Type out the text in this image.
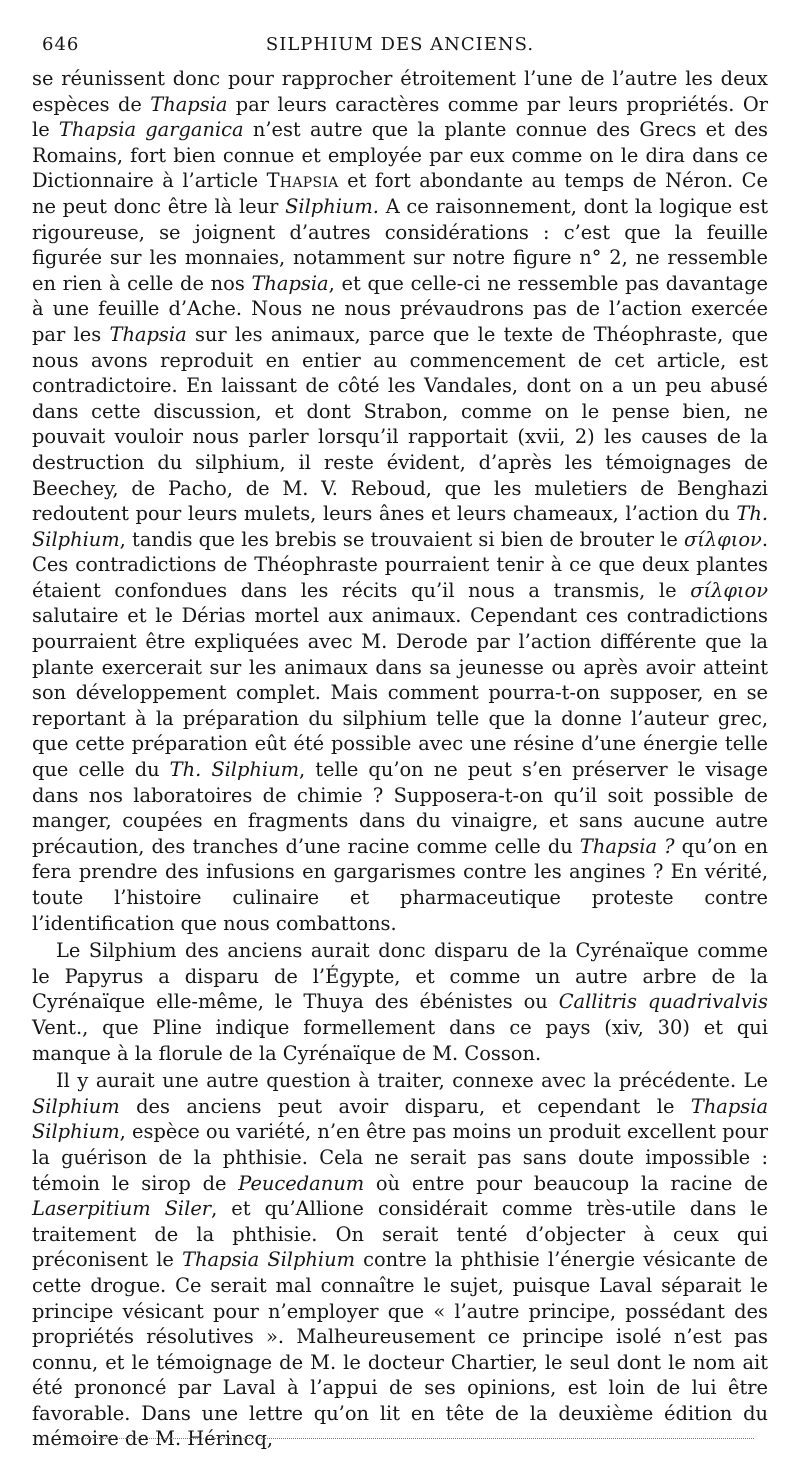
646	SILPHIUM DES ANCIENS.

se réunissent donc pour rapprocher étroitement l’une de l’autre les deux espèces de Thapsia par leurs caractères comme par leurs propriétés. Or le Thapsia garganica n’est autre que la plante connue des Grecs et des Romains, fort bien connue et employée par eux comme on le dira dans ce Dictionnaire à l’article Thapsia et fort abondante au temps de Néron. Ce ne peut donc être là leur Silphium. A ce raisonnement, dont la logique est rigoureuse, se joignent d’autres considérations : c’est que la feuille figurée sur les monnaies, notamment sur notre figure n° 2, ne ressemble en rien à celle de nos Thapsia, et que celle-ci ne ressemble pas davantage à une feuille d’Ache. Nous ne nous prévaudrons pas de l’action exercée par les Thapsia sur les animaux, parce que le texte de Théophraste, que nous avons reproduit en entier au commencement de cet article, est contradictoire. En laissant de côté les Vandales, dont on a un peu abusé dans cette discussion, et dont Strabon, comme on le pense bien, ne pouvait vouloir nous parler lorsqu’il rapportait (xvii, 2) les causes de la destruction du silphium, il reste évident, d’après les témoignages de Beechey, de Pacho, de M. V. Reboud, que les muletiers de Benghazi redoutent pour leurs mulets, leurs ânes et leurs chameaux, l’action du Th. Silphium, tandis que les brebis se trouvaient si bien de brouter le σίλφιον. Ces contradictions de Théophraste pourraient tenir à ce que deux plantes étaient confondues dans les récits qu’il nous a transmis, le σίλφιον salutaire et le Dérias mortel aux animaux. Cependant ces contradictions pourraient être expliquées avec M. Derode par l’action différente que la plante exercerait sur les animaux dans sa jeunesse ou après avoir atteint son développement complet. Mais comment pourra-t-on supposer, en se reportant à la préparation du silphium telle que la donne l’auteur grec, que cette préparation eût été possible avec une résine d’une énergie telle que celle du Th. Silphium, telle qu’on ne peut s’en préserver le visage dans nos laboratoires de chimie ? Supposera-t-on qu’il soit possible de manger, coupées en fragments dans du vinaigre, et sans aucune autre précaution, des tranches d’une racine comme celle du Thapsia ? qu’on en fera prendre des infusions en gargarismes contre les angines ? En vérité, toute l’histoire culinaire et pharmaceutique proteste contre l’identification que nous combattons.

Le Silphium des anciens aurait donc disparu de la Cyrénaïque comme le Papyrus a disparu de l’Égypte, et comme un autre arbre de la Cyrénaïque elle-même, le Thuya des ébénistes ou Callitris quadrivalvis Vent., que Pline indique formellement dans ce pays (xiv, 30) et qui manque à la florule de la Cyrénaïque de M. Cosson.

Il y aurait une autre question à traiter, connexe avec la précédente. Le Silphium des anciens peut avoir disparu, et cependant le Thapsia Silphium, espèce ou variété, n’en être pas moins un produit excellent pour la guérison de la phthisie. Cela ne serait pas sans doute impossible : témoin le sirop de Peucedanum où entre pour beaucoup la racine de Laserpitium Siler, et qu’Allione considérait comme très-utile dans le traitement de la phthisie. On serait tenté d’objecter à ceux qui préconisent le Thapsia Silphium contre la phthisie l’énergie vésicante de cette drogue. Ce serait mal connaître le sujet, puisque Laval séparait le principe vésicant pour n’employer que « l’autre principe, possédant des propriétés résolutives ». Malheureusement ce principe isolé n’est pas connu, et le témoignage de M. le docteur Chartier, le seul dont le nom ait été prononcé par Laval à l’appui de ses opinions, est loin de lui être favorable. Dans une lettre qu’on lit en tête de la deuxième édition du mémoire de M. Hérincq,
